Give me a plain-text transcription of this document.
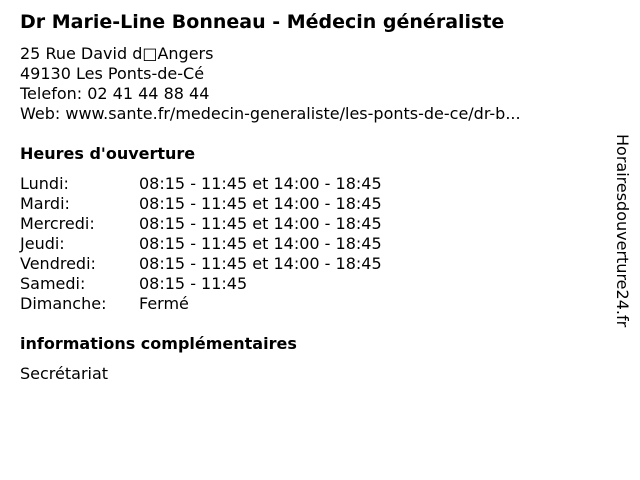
Dr Marie-Line Bonneau - Médecin généraliste
25 Rue David d□Angers
49130 Les Ponts-de-Cé
Telefon: 02 41 44 88 44
Web: www.sante.fr/medecin-generaliste/les-ponts-de-ce/dr-b...
Heures d'ouverture
Lundi:	08:15 - 11:45 et 14:00 - 18:45
Mardi:	08:15 - 11:45 et 14:00 - 18:45
Mercredi:	08:15 - 11:45 et 14:00 - 18:45
Jeudi:	08:15 - 11:45 et 14:00 - 18:45
Vendredi:	08:15 - 11:45 et 14:00 - 18:45
Samedi:	08:15 - 11:45
Dimanche: Fermé
informations complémentaires
Secrétariat
Horairesdouverture24.fr
